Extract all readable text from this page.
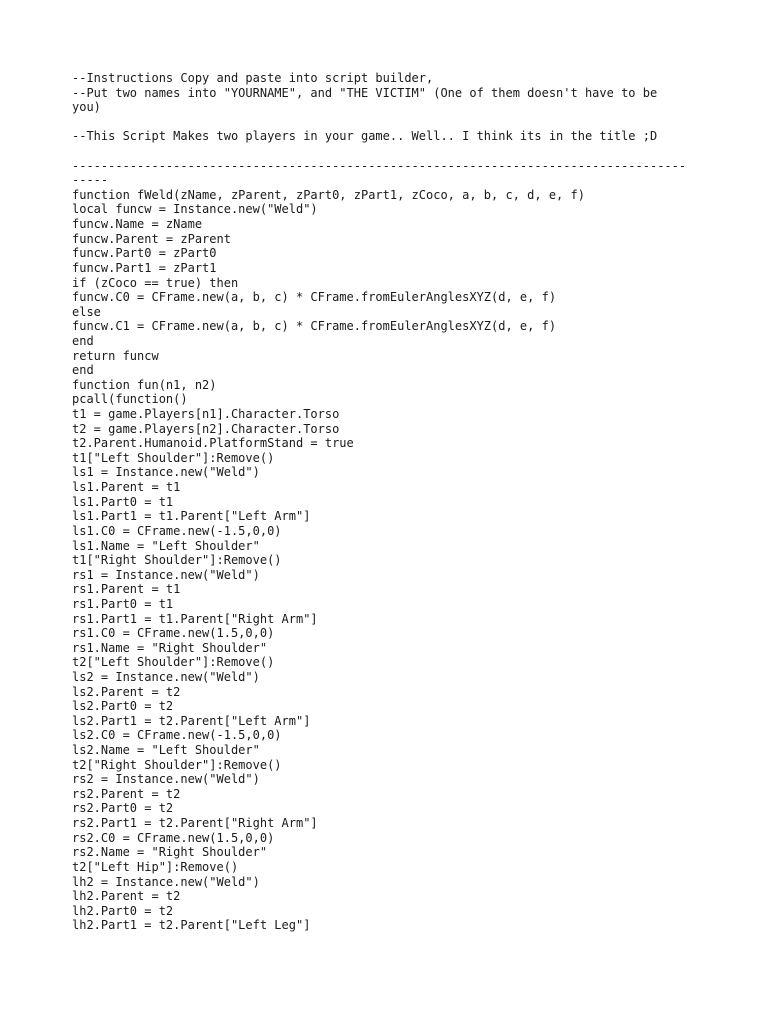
--Instructions Copy and paste into script builder,
--Put two names into "YOURNAME", and "THE VICTIM" (One of them doesn't have to be
you)
--This Script Makes two players in your game.. Well.. I think its in the title ;D
-------------------------------------------------------------------------------------
-----
function fWeld(zName, zParent, zPart0, zPart1, zCoco, a, b, c, d, e, f)
local funcw = Instance.new("Weld")
funcw.Name = zName
funcw.Parent = zParent
funcw.Part0 = zPart0
funcw.Part1 = zPart1
if (zCoco == true) then
funcw.C0 = CFrame.new(a, b, c) * CFrame.fromEulerAnglesXYZ(d, e, f)
else
funcw.C1 = CFrame.new(a, b, c) * CFrame.fromEulerAnglesXYZ(d, e, f)
end
return funcw
end
function fun(n1, n2)
pcall(function()
t1 = game.Players[n1].Character.Torso
t2 = game.Players[n2].Character.Torso
t2.Parent.Humanoid.PlatformStand = true
t1["Left Shoulder"]:Remove()
ls1 = Instance.new("Weld")
ls1.Parent = t1
ls1.Part0 = t1
ls1.Part1 = t1.Parent["Left Arm"]
ls1.C0 = CFrame.new(-1.5,0,0)
ls1.Name = "Left Shoulder"
t1["Right Shoulder"]:Remove()
rs1 = Instance.new("Weld")
rs1.Parent = t1
rs1.Part0 = t1
rs1.Part1 = t1.Parent["Right Arm"]
rs1.C0 = CFrame.new(1.5,0,0)
rs1.Name = "Right Shoulder"
t2["Left Shoulder"]:Remove()
ls2 = Instance.new("Weld")
ls2.Parent = t2
ls2.Part0 = t2
ls2.Part1 = t2.Parent["Left Arm"]
ls2.C0 = CFrame.new(-1.5,0,0)
ls2.Name = "Left Shoulder"
t2["Right Shoulder"]:Remove()
rs2 = Instance.new("Weld")
rs2.Parent = t2
rs2.Part0 = t2
rs2.Part1 = t2.Parent["Right Arm"]
rs2.C0 = CFrame.new(1.5,0,0)
rs2.Name = "Right Shoulder"
t2["Left Hip"]:Remove()
lh2 = Instance.new("Weld")
lh2.Parent = t2
lh2.Part0 = t2
lh2.Part1 = t2.Parent["Left Leg"]
